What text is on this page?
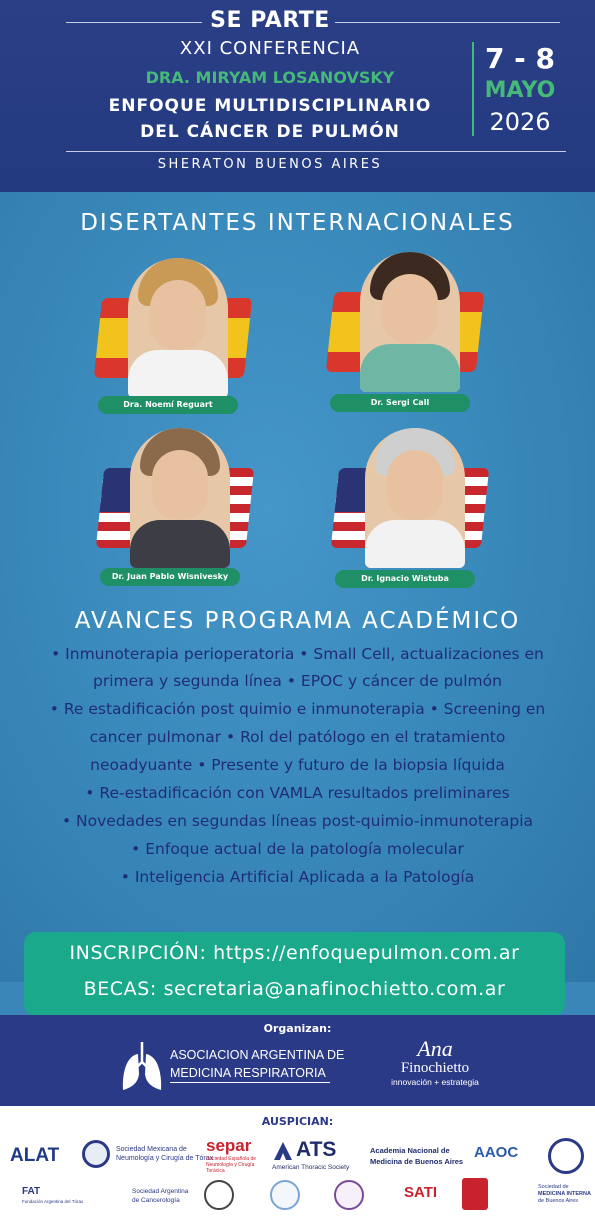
SE PARTE
XXI CONFERENCIA
DRA. MIRYAM LOSANOVSKY
ENFOQUE MULTIDISCIPLINARIO
DEL CÁNCER DE PULMÓN
SHERATON BUENOS AIRES
7 - 8
MAYO
2026
DISERTANTES INTERNACIONALES
Dra. Noemí Reguart	Dr. Sergi Call
Dr. Juan Pablo Wisnivesky	Dr. Ignacio Wistuba
AVANCES PROGRAMA ACADÉMICO
• Inmunoterapia perioperatoria • Small Cell, actualizaciones en
primera y segunda línea • EPOC y cáncer de pulmón
• Re estadificación post quimio e inmunoterapia • Screening en
cancer pulmonar • Rol del patólogo en el tratamiento
neoadyuante • Presente y futuro de la biopsia líquida
• Re-estadificación con VAMLA resultados preliminares
• Novedades en segundas líneas post-quimio-inmunoterapia
• Enfoque actual de la patología molecular
• Inteligencia Artificial Aplicada a la Patología
INSCRIPCIÓN: https://enfoquepulmon.com.ar
BECAS: secretaria@anafinochietto.com.ar
Organizan:
ASOCIACION ARGENTINA DE
MEDICINA RESPIRATORIA
Ana
Finochietto
innovación + estrategia
AUSPICIAN:
ALAT	Sociedad Mexicana de
Neumología y Cirugía de Tórax
separ
Sociedad Española de Neumología y Cirugía Torácica
ATS
American Thoracic Society
Academia Nacional de
Medicina de Buenos Aires
AAOC
FAT
Fundación Argentina del Tórax
Sociedad Argentina
de Cancerología	SATI	Sociedad de
MEDICINA INTERNA
de Buenos Aires
